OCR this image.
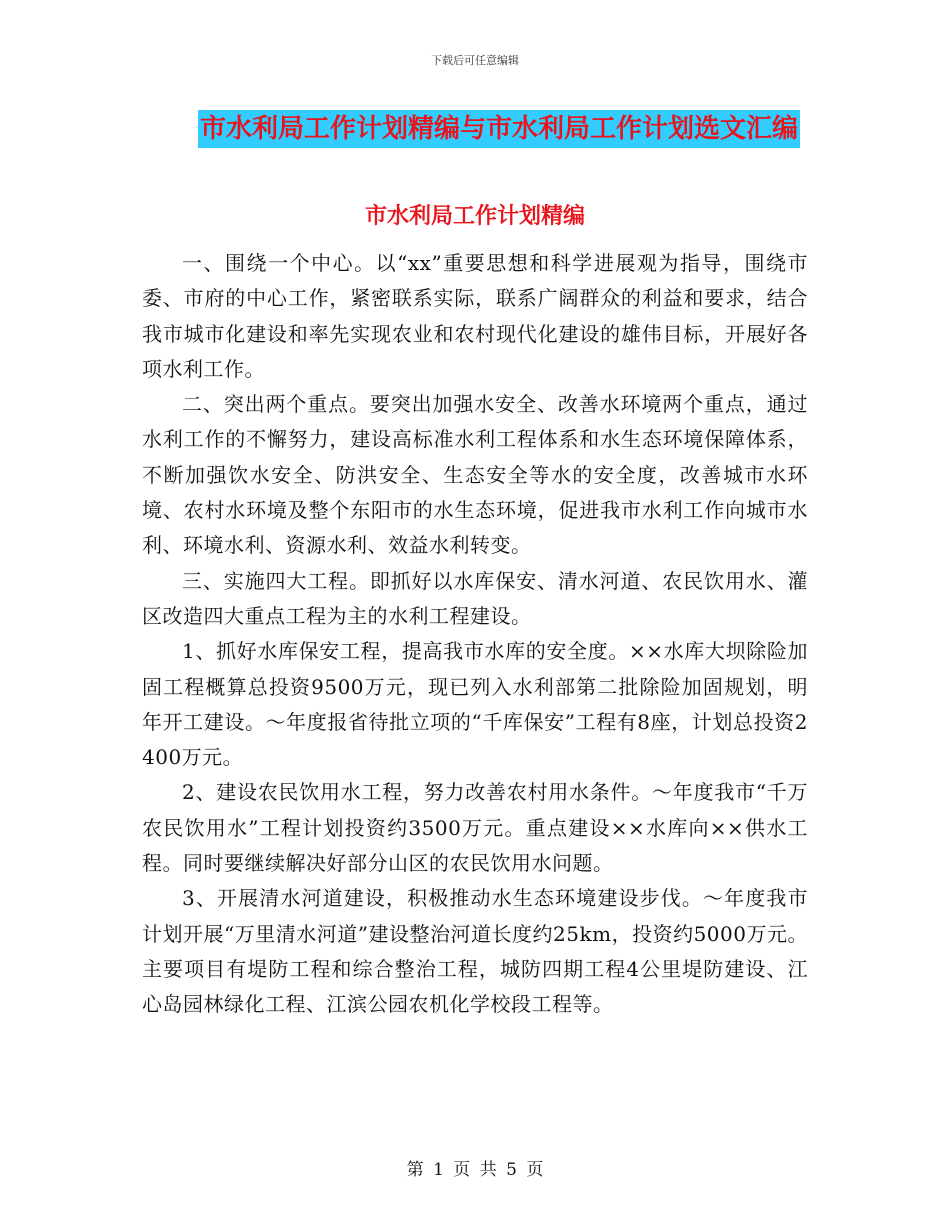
下载后可任意编辑
市水利局工作计划精编与市水利局工作计划选文汇编
市水利局工作计划精编

一、围绕一个中心。以“xx”重要思想和科学进展观为指导，围绕市委、市府的中心工作，紧密联系实际，联系广阔群众的利益和要求，结合我市城市化建设和率先实现农业和农村现代化建设的雄伟目标，开展好各项水利工作。

二、突出两个重点。要突出加强水安全、改善水环境两个重点，通过水利工作的不懈努力，建设高标准水利工程体系和水生态环境保障体系，不断加强饮水安全、防洪安全、生态安全等水的安全度，改善城市水环境、农村水环境及整个东阳市的水生态环境，促进我市水利工作向城市水利、环境水利、资源水利、效益水利转变。

三、实施四大工程。即抓好以水库保安、清水河道、农民饮用水、灌区改造四大重点工程为主的水利工程建设。

1、抓好水库保安工程，提高我市水库的安全度。××水库大坝除险加固工程概算总投资9500万元，现已列入水利部第二批除险加固规划，明年开工建设。～年度报省待批立项的“千库保安”工程有8座，计划总投资2400万元。

2、建设农民饮用水工程，努力改善农村用水条件。～年度我市“千万农民饮用水”工程计划投资约3500万元。重点建设××水库向××供水工程。同时要继续解决好部分山区的农民饮用水问题。

3、开展清水河道建设，积极推动水生态环境建设步伐。～年度我市计划开展“万里清水河道”建设整治河道长度约25km，投资约5000万元。主要项目有堤防工程和综合整治工程，城防四期工程4公里堤防建设、江心岛园林绿化工程、江滨公园农机化学校段工程等。

第 1 页 共 5 页
